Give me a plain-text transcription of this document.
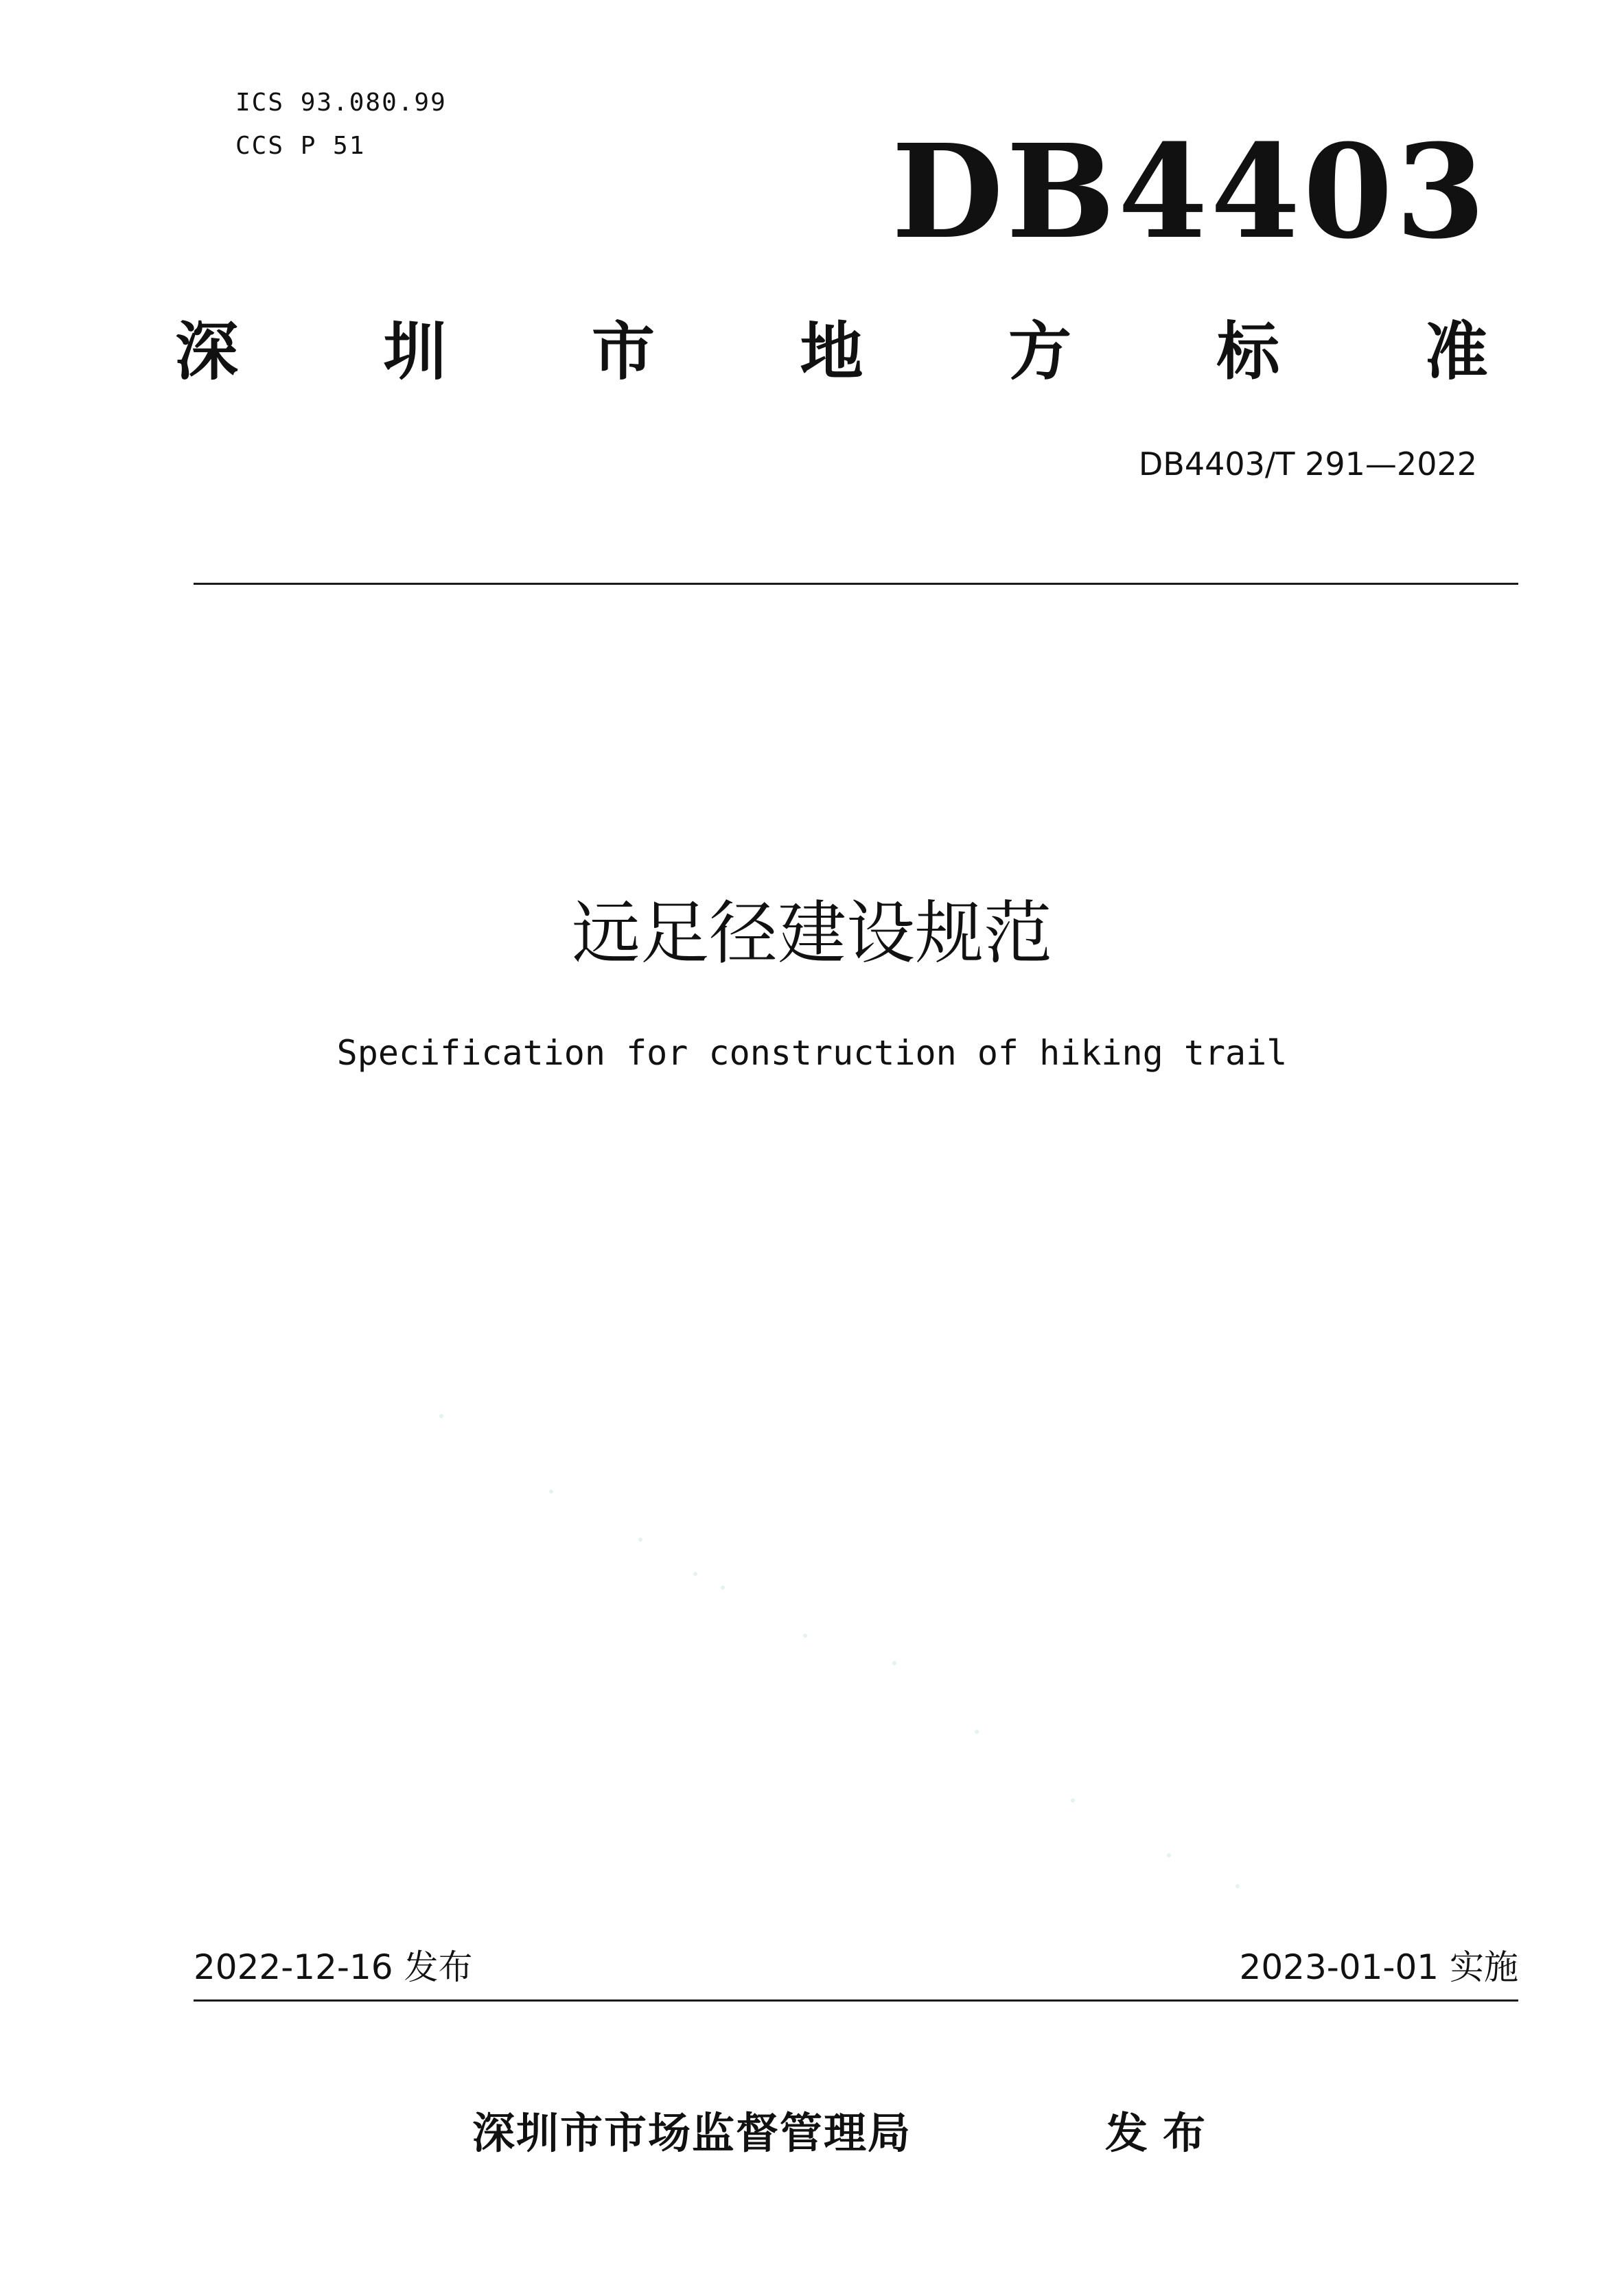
ICS 93.080.99
CCS P 51	DB4403
深 圳 市 地 方 标 准
DB4403/T 291—2022
远足径建设规范
Specification for construction of hiking trail
2022-12-16 发布	2023-01-01 实施
深圳市市场监督管理局	发布
